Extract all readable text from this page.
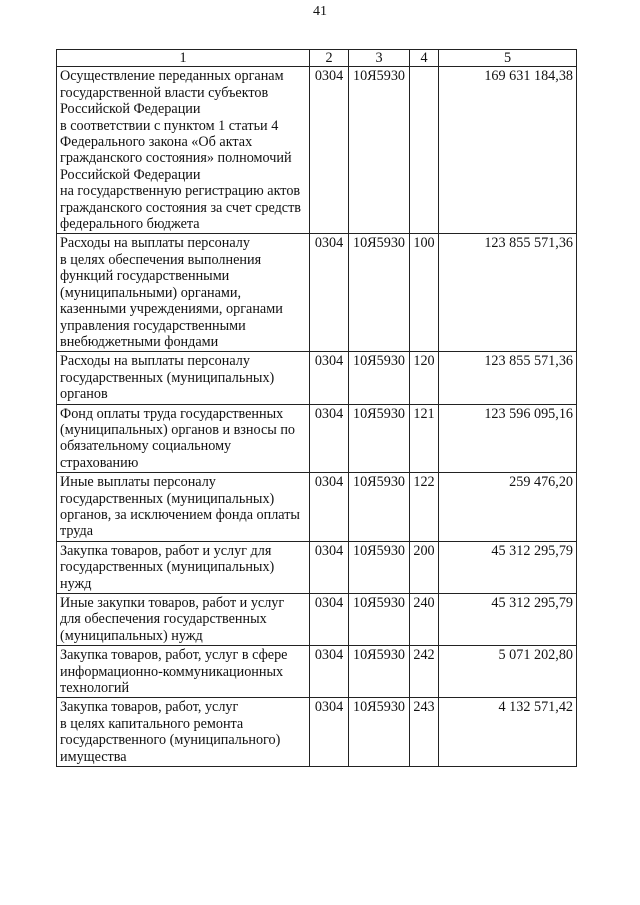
41
1	2	3	4	5
Осуществление переданных органам государственной власти субъектов Российской Федерации
в соответствии с пунктом 1 статьи 4 Федерального закона «Об актах гражданского состояния» полномочий Российской Федерации
на государственную регистрацию актов гражданского состояния за счет средств федерального бюджета	0304	10Я5930		169 631 184,38
Расходы на выплаты персоналу
в целях обеспечения выполнения функций государственными (муниципальными) органами, казенными учреждениями, органами управления государственными внебюджетными фондами	0304	10Я5930	100	123 855 571,36
Расходы на выплаты персоналу государственных (муниципальных) органов	0304	10Я5930	120	123 855 571,36
Фонд оплаты труда государственных (муниципальных) органов и взносы по обязательному социальному страхованию	0304	10Я5930	121	123 596 095,16
Иные выплаты персоналу государственных (муниципальных) органов, за исключением фонда оплаты труда	0304	10Я5930	122	259 476,20
Закупка товаров, работ и услуг для государственных (муниципальных) нужд	0304	10Я5930	200	45 312 295,79
Иные закупки товаров, работ и услуг для обеспечения государственных (муниципальных) нужд	0304	10Я5930	240	45 312 295,79
Закупка товаров, работ, услуг в сфере информационно-коммуникационных технологий	0304	10Я5930	242	5 071 202,80
Закупка товаров, работ, услуг
в целях капитального ремонта государственного (муниципального) имущества	0304	10Я5930	243	4 132 571,42
